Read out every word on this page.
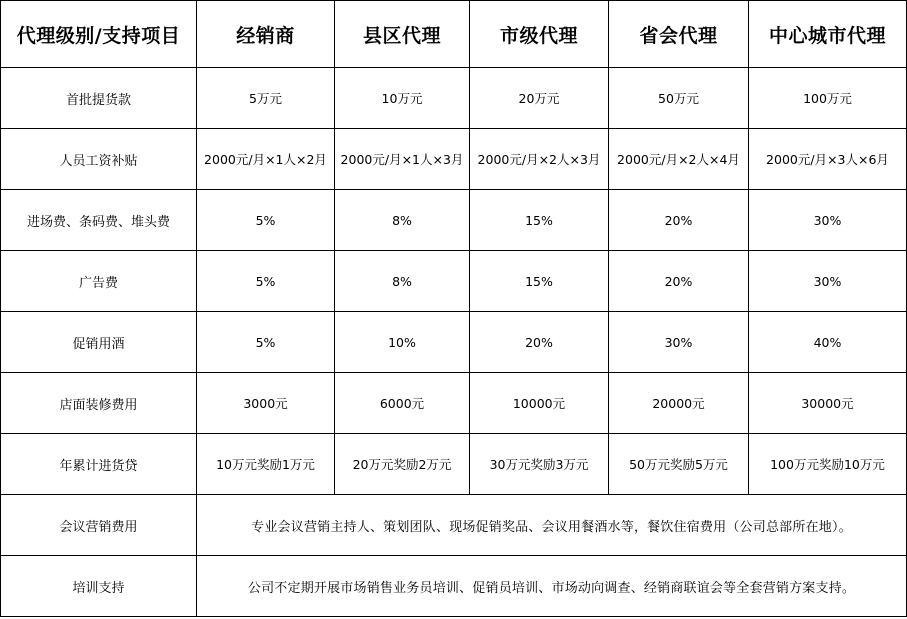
代理级别/支持项目	经销商	县区代理	市级代理	省会代理	中心城市代理
首批提货款	5万元	10万元	20万元	50万元	100万元
人员工资补贴	2000元/月×1人×2月	2000元/月×1人×3月	2000元/月×2人×3月	2000元/月×2人×4月	2000元/月×3人×6月
进场费、条码费、堆头费	5%	8%	15%	20%	30%
广告费	5%	8%	15%	20%	30%
促销用酒	5%	10%	20%	30%	40%
店面装修费用	3000元	6000元	10000元	20000元	30000元
年累计进货贷	10万元奖励1万元	20万元奖励2万元	30万元奖励3万元	50万元奖励5万元	100万元奖励10万元
会议营销费用	专业会议营销主持人、策划团队、现场促销奖品、会议用餐酒水等，餐饮住宿费用（公司总部所在地）。				
培训支持	公司不定期开展市场销售业务员培训、促销员培训、市场动向调查、经销商联谊会等全套营销方案支持。				
